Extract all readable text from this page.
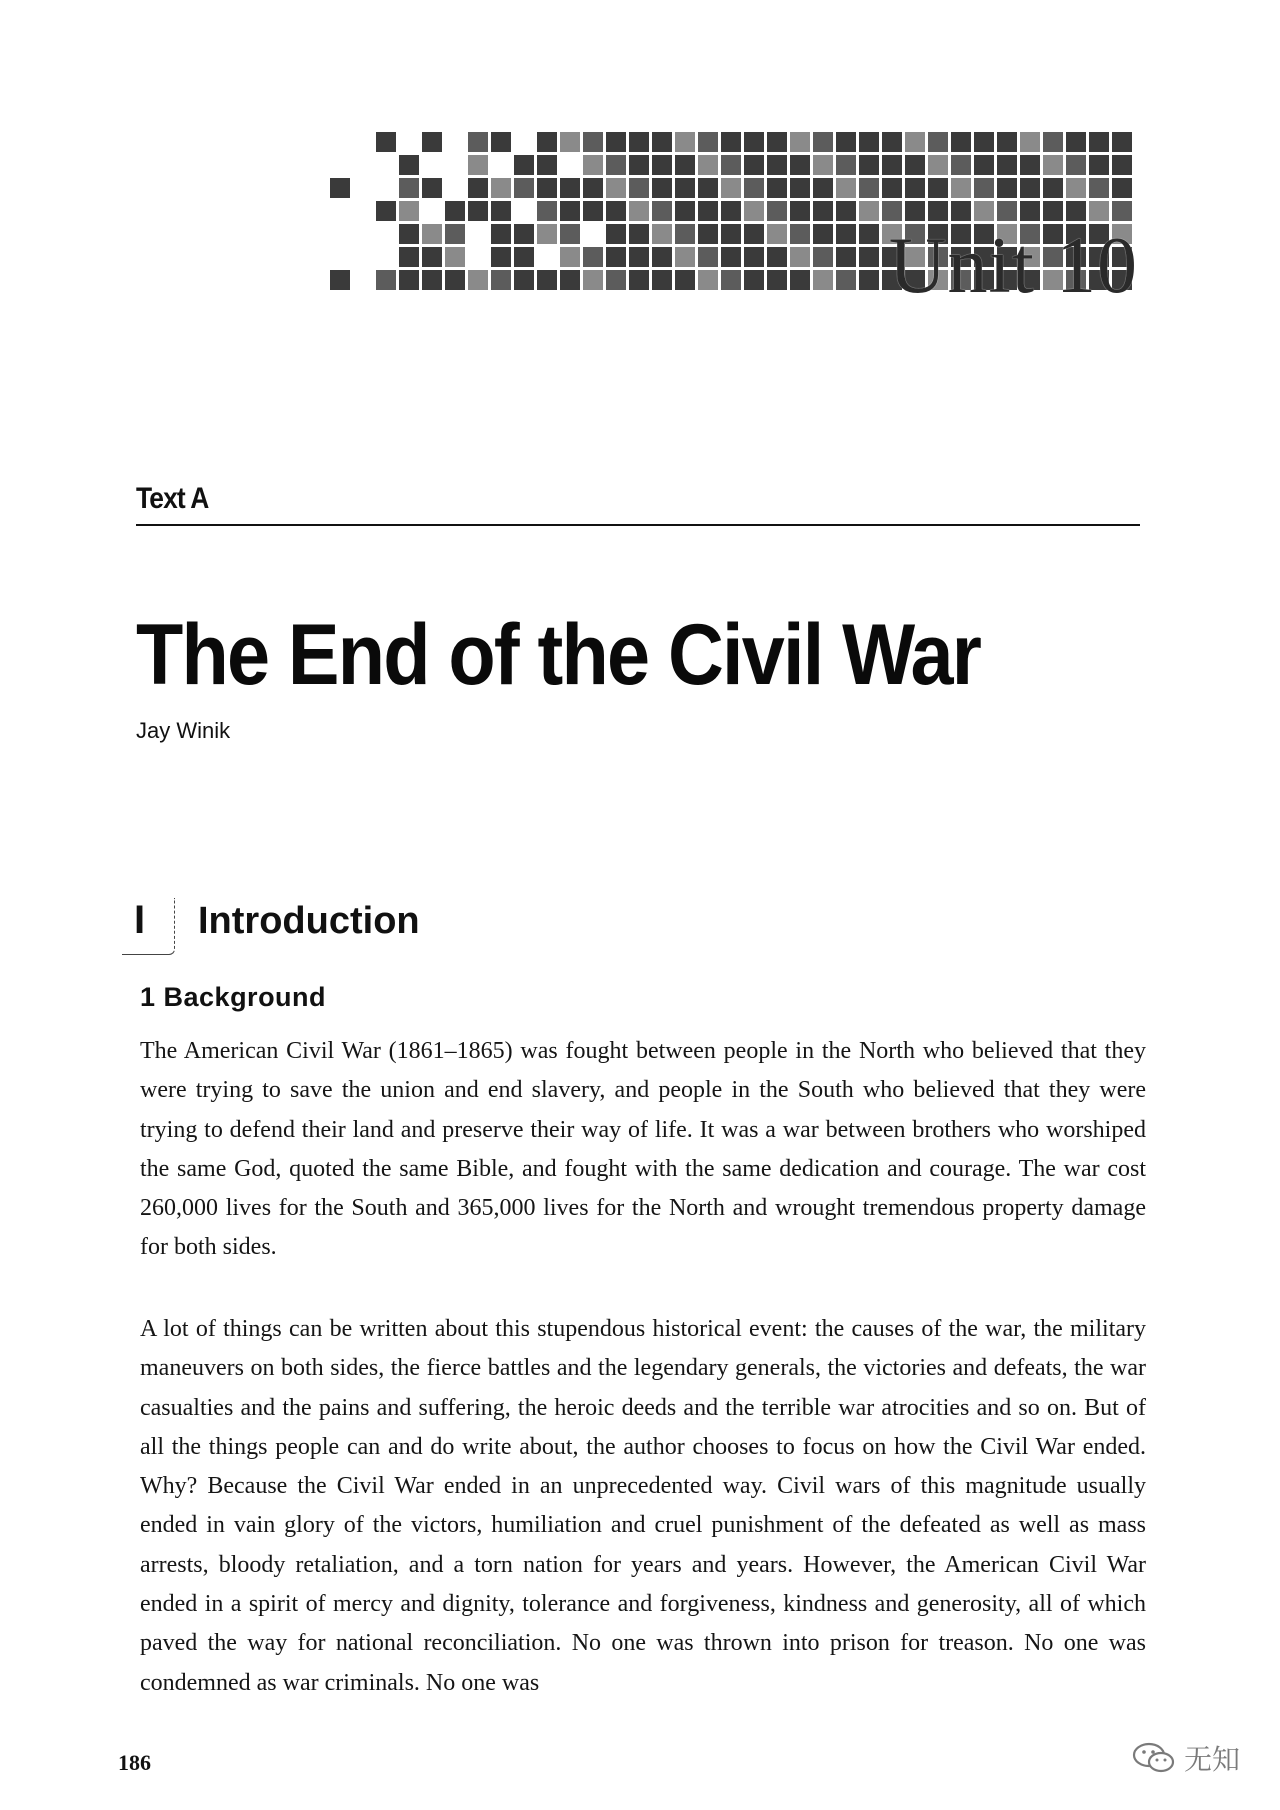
Unit 10
Text A
The End of the Civil War
Jay Winik
I Introduction
1 Background

The American Civil War (1861–1865) was fought between people in the North who believed that they were trying to save the union and end slavery, and people in the South who believed that they were trying to defend their land and preserve their way of life. It was a war between brothers who worshiped the same God, quoted the same Bible, and fought with the same dedication and courage. The war cost 260,000 lives for the South and 365,000 lives for the North and wrought tremendous property damage for both sides.

A lot of things can be written about this stupendous historical event: the causes of the war, the military maneuvers on both sides, the fierce battles and the legendary generals, the victories and defeats, the war casualties and the pains and suffering, the heroic deeds and the terrible war atrocities and so on. But of all the things people can and do write about, the author chooses to focus on how the Civil War ended. Why? Because the Civil War ended in an unprecedented way. Civil wars of this magnitude usually ended in vain glory of the victors, humiliation and cruel punishment of the defeated as well as mass arrests, bloody retaliation, and a torn nation for years and years. However, the American Civil War ended in a spirit of mercy and dignity, tolerance and forgiveness, kindness and generosity, all of which paved the way for national reconciliation. No one was thrown into prison for treason. No one was condemned as war criminals. No one was

186	无知
